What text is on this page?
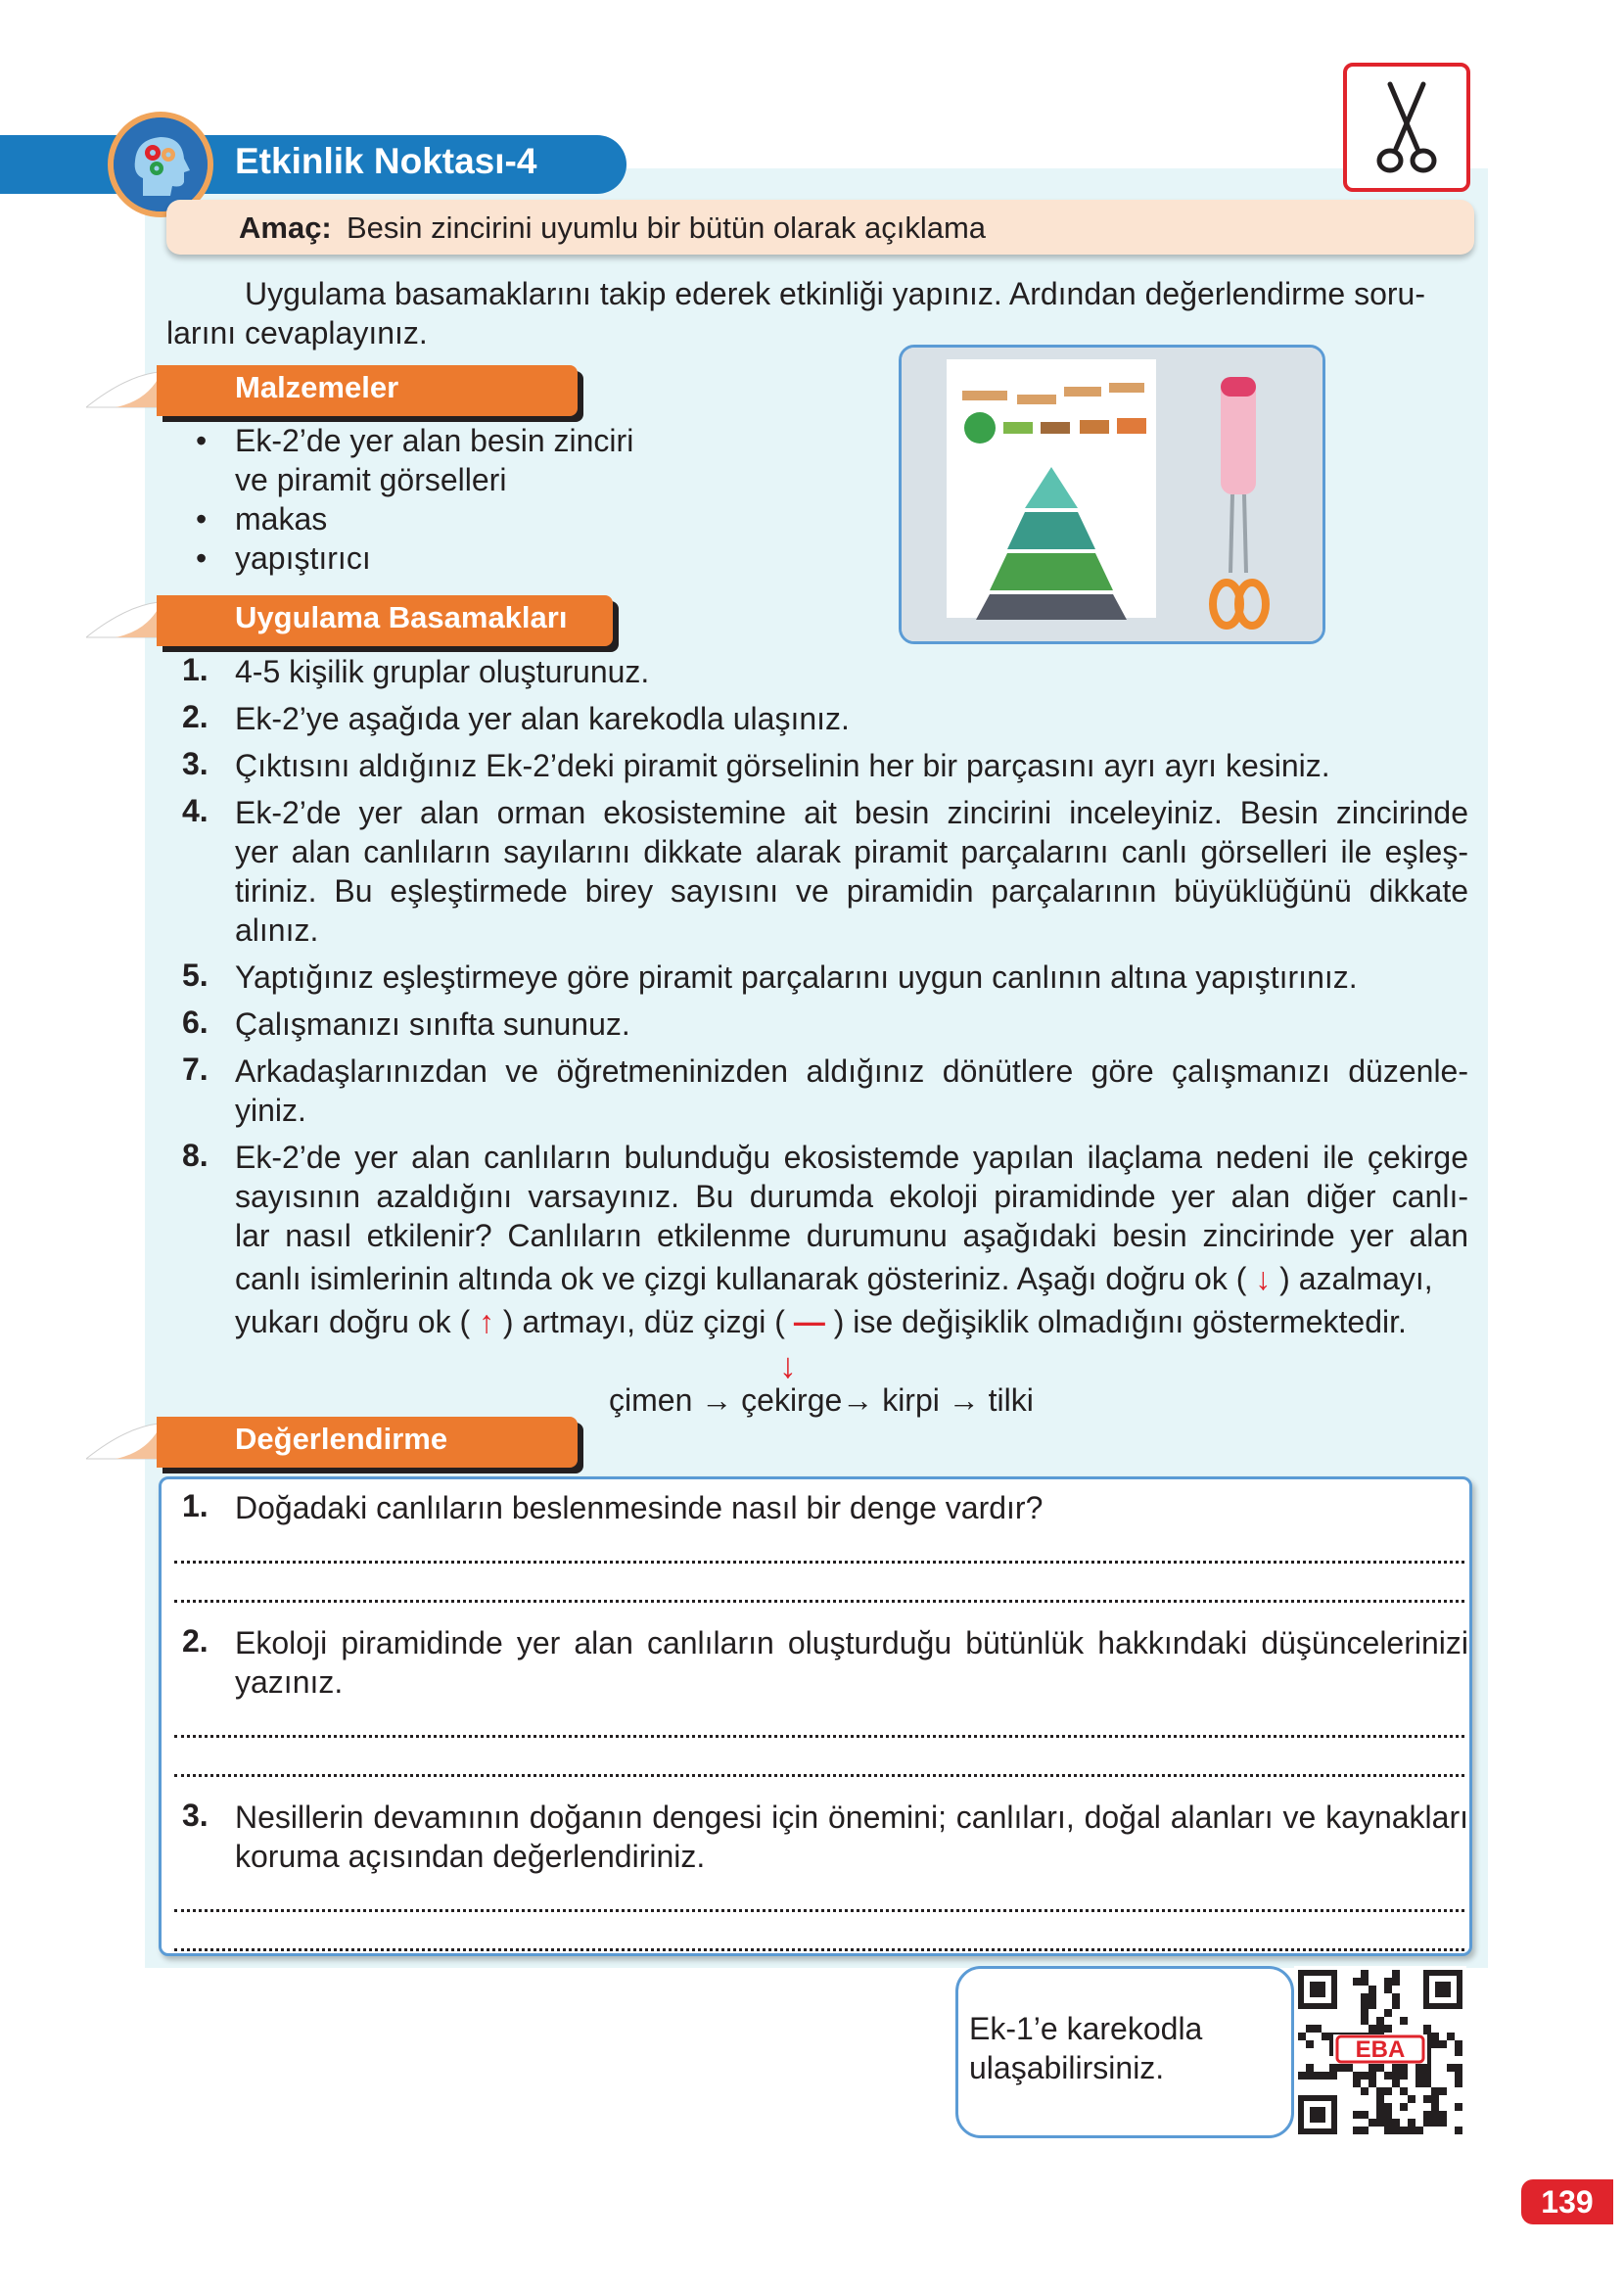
Etkinlik Noktası-4
Amaç: Besin zincirini uyumlu bir bütün olarak açıklama
Uygulama basamaklarını takip ederek etkinliği yapınız. Ardından değerlendirme soru-
larını cevaplayınız.
Malzemeler
• Ek-2’de yer alan besin zinciri
ve piramit görselleri
• makas
• yapıştırıcı
Uygulama Basamakları
1. 4-5 kişilik gruplar oluşturunuz.
2. Ek-2’ye aşağıda yer alan karekodla ulaşınız.
3. Çıktısını aldığınız Ek-2’deki piramit görselinin her bir parçasını ayrı ayrı kesiniz.
4. Ek-2’de yer alan orman ekosistemine ait besin zincirini inceleyiniz. Besin zincirinde
yer alan canlıların sayılarını dikkate alarak piramit parçalarını canlı görselleri ile eşleş-
tiriniz. Bu eşleştirmede birey sayısını ve piramidin parçalarının büyüklüğünü dikkate
alınız.
5. Yaptığınız eşleştirmeye göre piramit parçalarını uygun canlının altına yapıştırınız.
6. Çalışmanızı sınıfta sununuz.
7. Arkadaşlarınızdan ve öğretmeninizden aldığınız dönütlere göre çalışmanızı düzenle-
yiniz.
8. Ek-2’de yer alan canlıların bulunduğu ekosistemde yapılan ilaçlama nedeni ile çekirge
sayısının azaldığını varsayınız. Bu durumda ekoloji piramidinde yer alan diğer canlı-
lar nasıl etkilenir? Canlıların etkilenme durumunu aşağıdaki besin zincirinde yer alan
canlı isimlerinin altında ok ve çizgi kullanarak gösteriniz. Aşağı doğru ok ( ↓ ) azalmayı,
yukarı doğru ok ( ↑ ) artmayı, düz çizgi ( — ) ise değişiklik olmadığını göstermektedir.
↓
çimen → çekirge→ kirpi → tilki
Değerlendirme
1. Doğadaki canlıların beslenmesinde nasıl bir denge vardır?
2. Ekoloji piramidinde yer alan canlıların oluşturduğu bütünlük hakkındaki düşüncelerinizi
yazınız.
3. Nesillerin devamının doğanın dengesi için önemini; canlıları, doğal alanları ve kaynakları
koruma açısından değerlendiriniz.
Ek-1’e karekodla
ulaşabilirsiniz.
EBA
139
